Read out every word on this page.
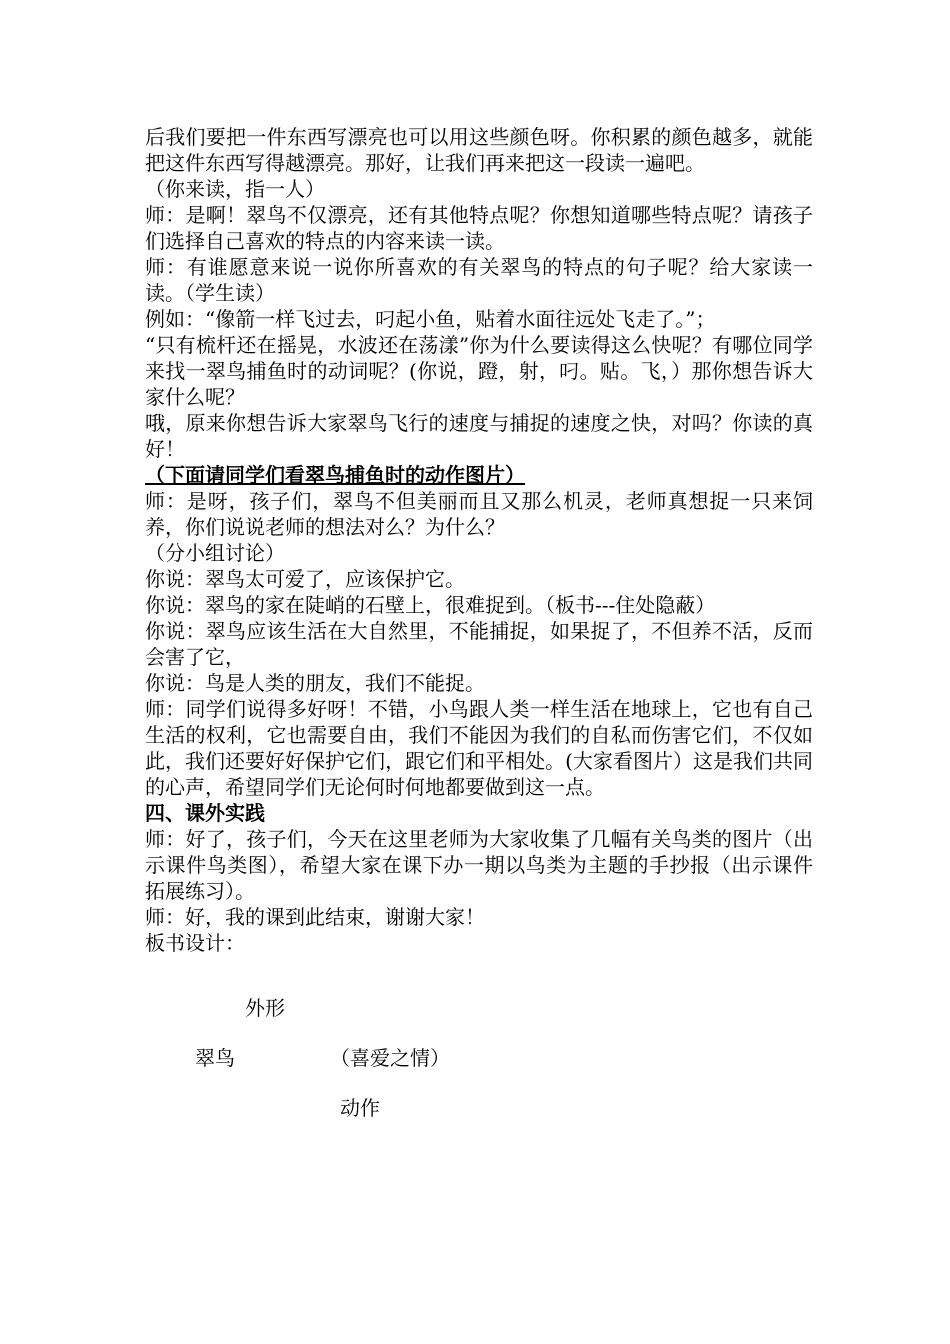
后我们要把一件东西写漂亮也可以用这些颜色呀。你积累的颜色越多，就能把这件东西写得越漂亮。那好，让我们再来把这一段读一遍吧。

（你来读，指一人）

师：是啊！翠鸟不仅漂亮，还有其他特点呢？你想知道哪些特点呢？请孩子们选择自己喜欢的特点的内容来读一读。

师：有谁愿意来说一说你所喜欢的有关翠鸟的特点的句子呢？给大家读一读。（学生读）

例如：“像箭一样飞过去，叼起小鱼，贴着水面往远处飞走了。”；

“只有梳杆还在摇晃，水波还在荡漾”你为什么要读得这么快呢？有哪位同学来找一翠鸟捕鱼时的动词呢？(你说，蹬，射，叼。贴。飞，）那你想告诉大家什么呢？

哦，原来你想告诉大家翠鸟飞行的速度与捕捉的速度之快，对吗？你读的真好！

（下面请同学们看翠鸟捕鱼时的动作图片）

师：是呀，孩子们，翠鸟不但美丽而且又那么机灵，老师真想捉一只来饲养，你们说说老师的想法对么？为什么？

（分小组讨论）

你说：翠鸟太可爱了，应该保护它。

你说：翠鸟的家在陡峭的石壁上，很难捉到。（板书---住处隐蔽）

你说：翠鸟应该生活在大自然里，不能捕捉，如果捉了，不但养不活，反而会害了它，

你说：鸟是人类的朋友，我们不能捉。

师：同学们说得多好呀！不错，小鸟跟人类一样生活在地球上，它也有自己生活的权利，它也需要自由，我们不能因为我们的自私而伤害它们，不仅如此，我们还要好好保护它们，跟它们和平相处。(大家看图片）这是我们共同的心声，希望同学们无论何时何地都要做到这一点。

四、课外实践

师：好了，孩子们，今天在这里老师为大家收集了几幅有关鸟类的图片（出示课件鸟类图），希望大家在课下办一期以鸟类为主题的手抄报（出示课件拓展练习）。

师：好，我的课到此结束，谢谢大家！

板书设计：

外形
翠鸟	（喜爱之情）
动作
